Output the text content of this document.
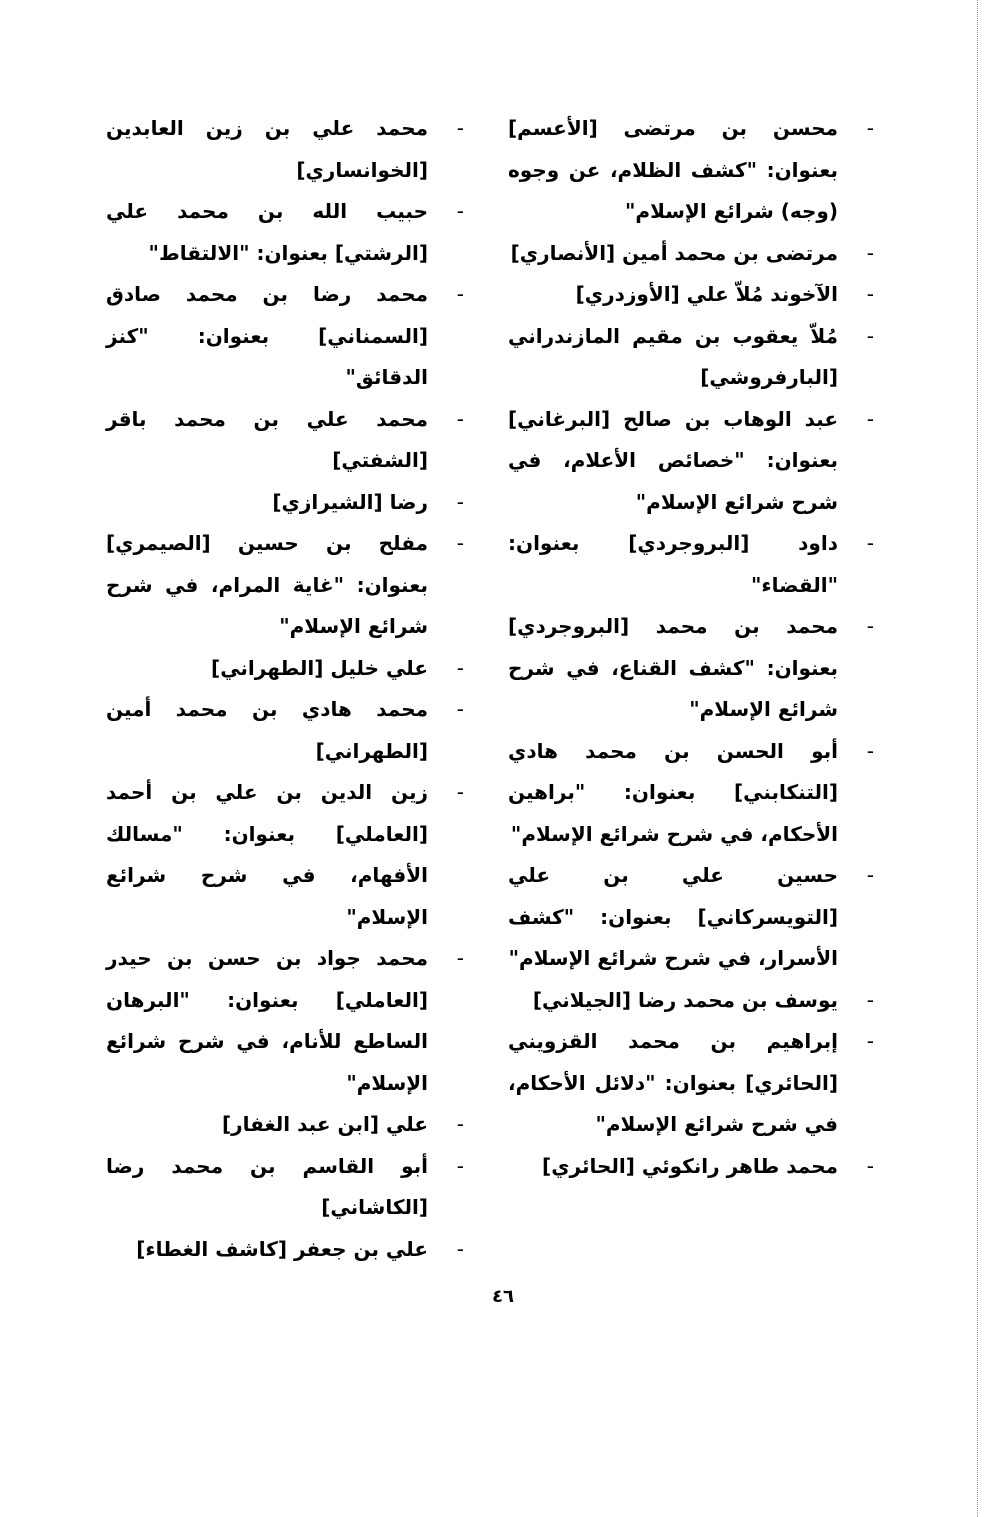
- محسن بن مرتضى [الأعسم] بعنوان: "كشف الظلام، عن وجوه (وجه) شرائع الإسلام"
- مرتضى بن محمد أمين [الأنصاري]
- الآخوند مُلاّ علي [الأوزدري]
- مُلاّ يعقوب بن مقيم المازندراني [البارفروشي]
- عبد الوهاب بن صالح [البرغاني] بعنوان: "خصائص الأعلام، في شرح شرائع الإسلام"
- داود [البروجردي] بعنوان: "القضاء"
- محمد بن محمد [البروجردي] بعنوان: "كشف القناع، في شرح شرائع الإسلام"
- أبو الحسن بن محمد هادي [التنكابني] بعنوان: "براهين الأحكام، في شرح شرائع الإسلام"
- حسين علي بن علي [التويسركاني] بعنوان: "كشف الأسرار، في شرح شرائع الإسلام"
- يوسف بن محمد رضا [الجيلاني]
- إبراهيم بن محمد القزويني [الحائري] بعنوان: "دلائل الأحكام، في شرح شرائع الإسلام"
- محمد طاهر رانكوئي [الحائري]
- محمد علي بن زين العابدين [الخوانساري]
- حبيب الله بن محمد علي [الرشتي] بعنوان: "الالتقاط"
- محمد رضا بن محمد صادق [السمناني] بعنوان: "كنز الدقائق"
- محمد علي بن محمد باقر [الشفتي]
- رضا [الشيرازي]
- مفلح بن حسين [الصيمري] بعنوان: "غاية المرام، في شرح شرائع الإسلام"
- علي خليل [الطهراني]
- محمد هادي بن محمد أمين [الطهراني]
- زين الدين بن علي بن أحمد [العاملي] بعنوان: "مسالك الأفهام، في شرح شرائع الإسلام"
- محمد جواد بن حسن بن حيدر [العاملي] بعنوان: "البرهان الساطع للأنام، في شرح شرائع الإسلام"
- علي [ابن عبد الغفار]
- أبو القاسم بن محمد رضا [الكاشاني]
- علي بن جعفر [كاشف الغطاء]
٤٦
